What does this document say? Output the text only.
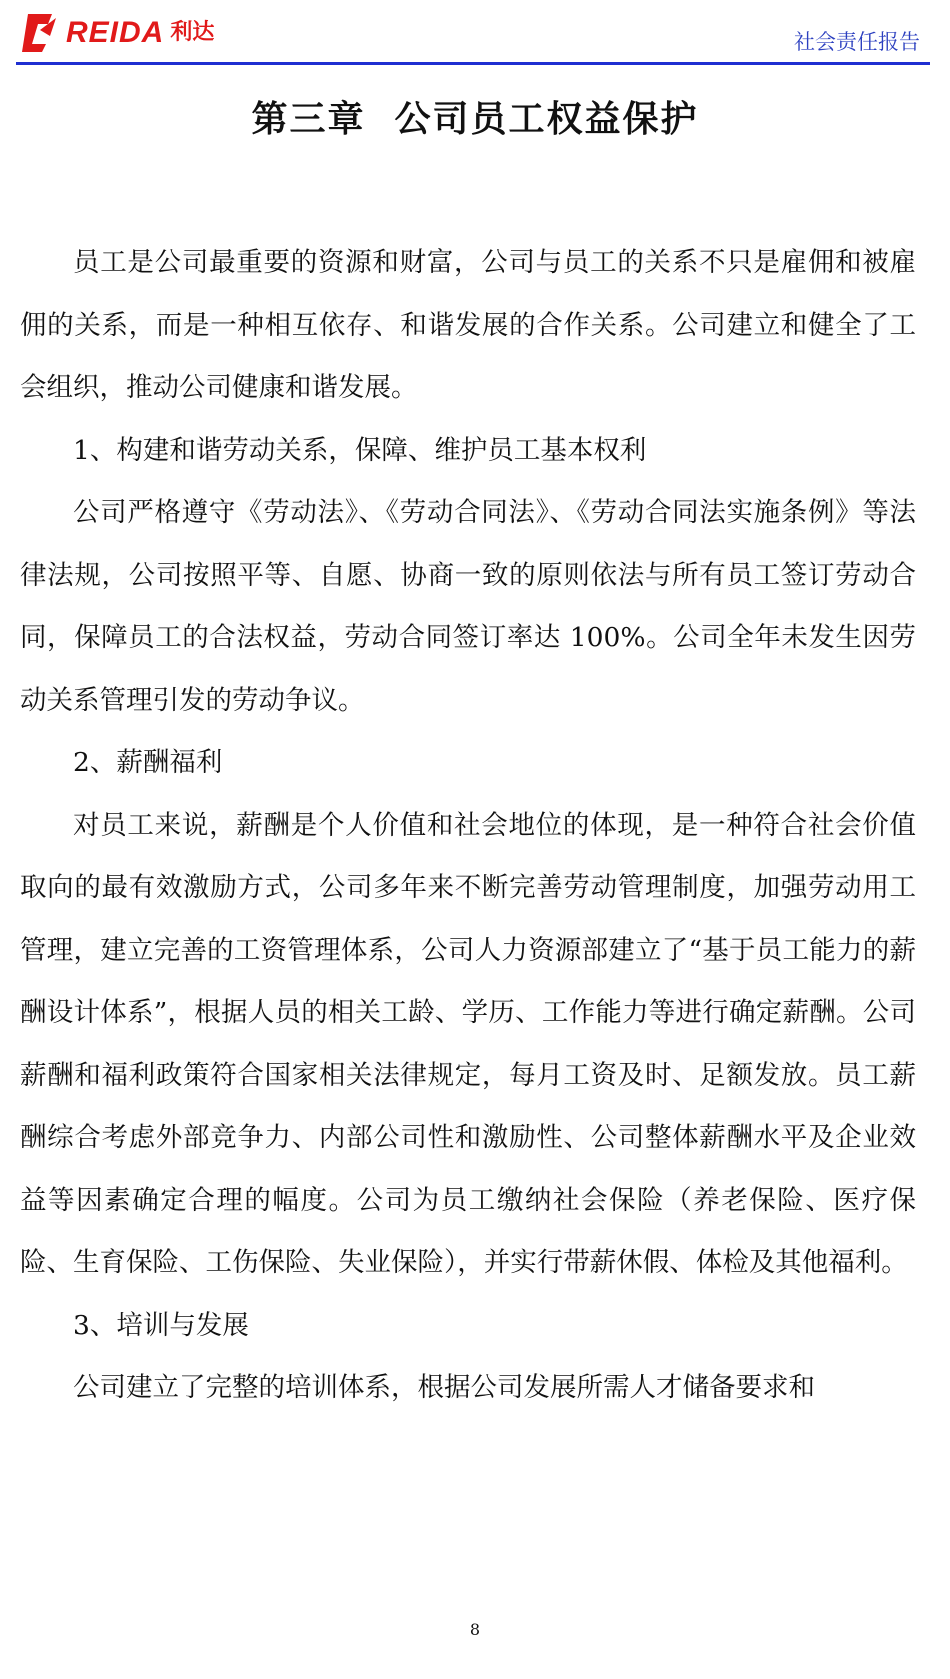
REIDA 利达	社会责任报告
第三章  公司员工权益保护

员工是公司最重要的资源和财富，公司与员工的关系不只是雇佣和被雇佣的关系，而是一种相互依存、和谐发展的合作关系。公司建立和健全了工会组织，推动公司健康和谐发展。

1、构建和谐劳动关系，保障、维护员工基本权利

公司严格遵守《劳动法》、《劳动合同法》、《劳动合同法实施条例》等法律法规，公司按照平等、自愿、协商一致的原则依法与所有员工签订劳动合同，保障员工的合法权益，劳动合同签订率达 100%。公司全年未发生因劳动关系管理引发的劳动争议。

2、薪酬福利

对员工来说，薪酬是个人价值和社会地位的体现，是一种符合社会价值取向的最有效激励方式，公司多年来不断完善劳动管理制度，加强劳动用工管理，建立完善的工资管理体系，公司人力资源部建立了“基于员工能力的薪酬设计体系”，根据人员的相关工龄、学历、工作能力等进行确定薪酬。公司薪酬和福利政策符合国家相关法律规定，每月工资及时、足额发放。员工薪酬综合考虑外部竞争力、内部公司性和激励性、公司整体薪酬水平及企业效益等因素确定合理的幅度。公司为员工缴纳社会保险（养老保险、医疗保险、生育保险、工伤保险、失业保险），并实行带薪休假、体检及其他福利。

3、培训与发展

公司建立了完整的培训体系，根据公司发展所需人才储备要求和

8
